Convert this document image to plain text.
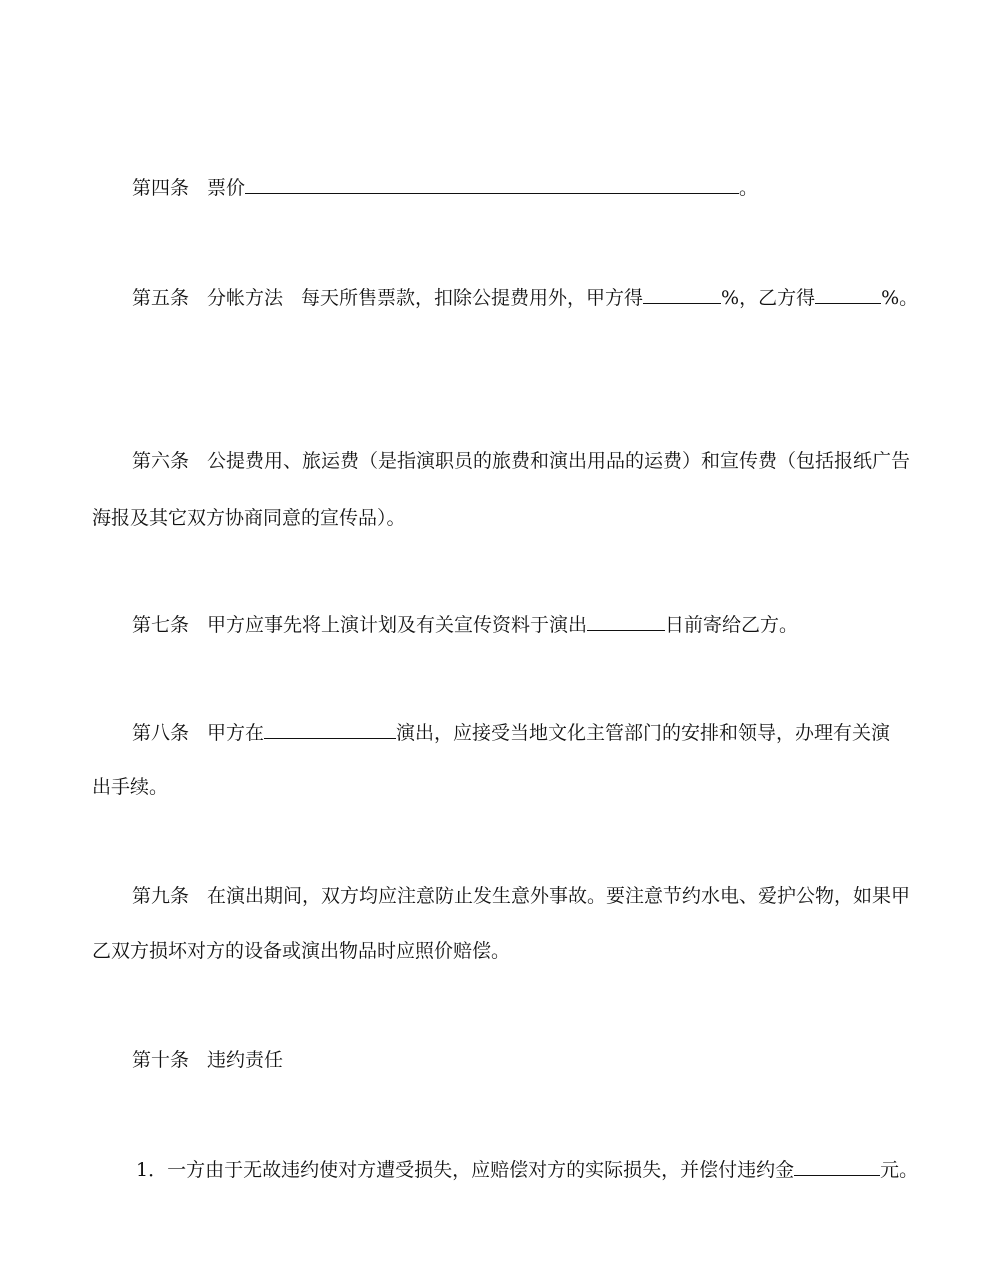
第四条 票价	。
第五条 分帐方法 每天所售票款，扣除公提费用外，甲方得	%，乙方得	%。
第六条 公提费用、旅运费（是指演职员的旅费和演出用品的运费）和宣传费（包括报纸广告
海报及其它双方协商同意的宣传品）。
第七条 甲方应事先将上演计划及有关宣传资料于演出	日前寄给乙方。
第八条 甲方在	演出，应接受当地文化主管部门的安排和领导，办理有关演
出手续。
第九条 在演出期间，双方均应注意防止发生意外事故。要注意节约水电、爱护公物，如果甲
乙双方损坏对方的设备或演出物品时应照价赔偿。
第十条 违约责任
1．一方由于无故违约使对方遭受损失，应赔偿对方的实际损失，并偿付违约金	元。
